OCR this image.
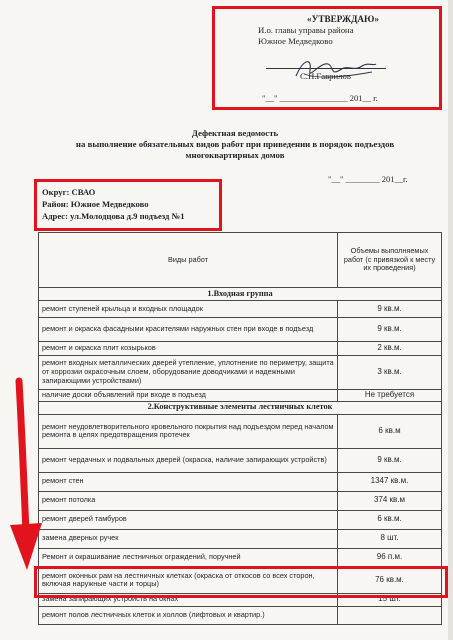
«УТВЕРЖДАЮ»
И.о. главы управы района
Южное Медведково
С.Н.Гаврилов
"__" ________________ 201__ г.
Дефектная ведомость
на выполнение обязательных видов работ при приведении в порядок подъездов
многоквартирных домов
"__" ________ 201__г.
Округ: СВАО
Район: Южное Медведково
Адрес: ул.Молодцова д.9 подъезд №1
Виды работ	Объемы выполняемых работ (с привязкой к месту их проведения)
1.Входная группа	
ремонт ступеней крыльца и входных площадок	9 кв.м.
ремонт и окраска фасадными красителями наружных стен при входе в подъезд	9 кв.м.
ремонт и окраска плит козырьков	2 кв.м.
ремонт входных металлических дверей утепление, уплотнение по периметру, защита от коррозии окрасочным слоем, оборудование доводчиками и надежными запирающими устройствами)	3 кв.м.
наличие доски объявлений при входе в подъезд	Не требуется
2.Конструктивные элементы лестничных клеток	
ремонт неудовлетворительного кровельного покрытия над подъездом перед началом ремонта в целях предотвращения протечек	6 кв.м
ремонт чердачных и подвальных дверей (окраска, наличие запирающих устройств)	9 кв.м.
ремонт стен	1347 кв.м.
ремонт потолка	374 кв.м
ремонт дверей тамбуров	6 кв.м.
замена дверных ручек	8 шт.
Ремонт и окрашивание лестничных ограждений, поручней	96 п.м.
ремонт оконных рам на лестничных клетках (окраска от откосов со всех сторон, включая наружные части и торцы)	76 кв.м.
замена запирающих устройств на окнах	15 шт.
ремонт полов лестничных клеток и холлов (лифтовых и квартир.)	
